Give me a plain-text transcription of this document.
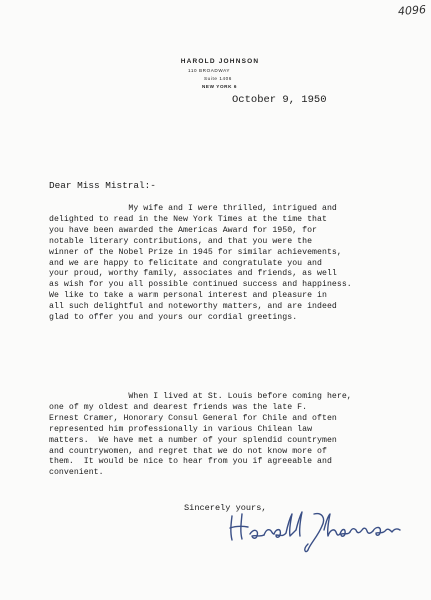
4096
HAROLD JOHNSON
110 BROADWAY
Suite 1406
NEW YORK 6
October 9, 1950
Dear Miss Mistral:-
My wife and I were thrilled, intrigued and
delighted to read in the New York Times at the time that
you have been awarded the Americas Award for 1950, for
notable literary contributions, and that you were the
winner of the Nobel Prize in 1945 for similar achievements,
and we are happy to felicitate and congratulate you and
your proud, worthy family, associates and friends, as well
as wish for you all possible continued success and happiness.
We like to take a warm personal interest and pleasure in
all such delightful and noteworthy matters, and are indeed
glad to offer you and yours our cordial greetings.
When I lived at St. Louis before coming here,
one of my oldest and dearest friends was the late F.
Ernest Cramer, Honorary Consul General for Chile and often
represented him professionally in various Chilean law
matters.  We have met a number of your splendid countrymen
and countrywomen, and regret that we do not know more of
them.  It would be nice to hear from you if agreeable and
convenient.
Sincerely yours,
